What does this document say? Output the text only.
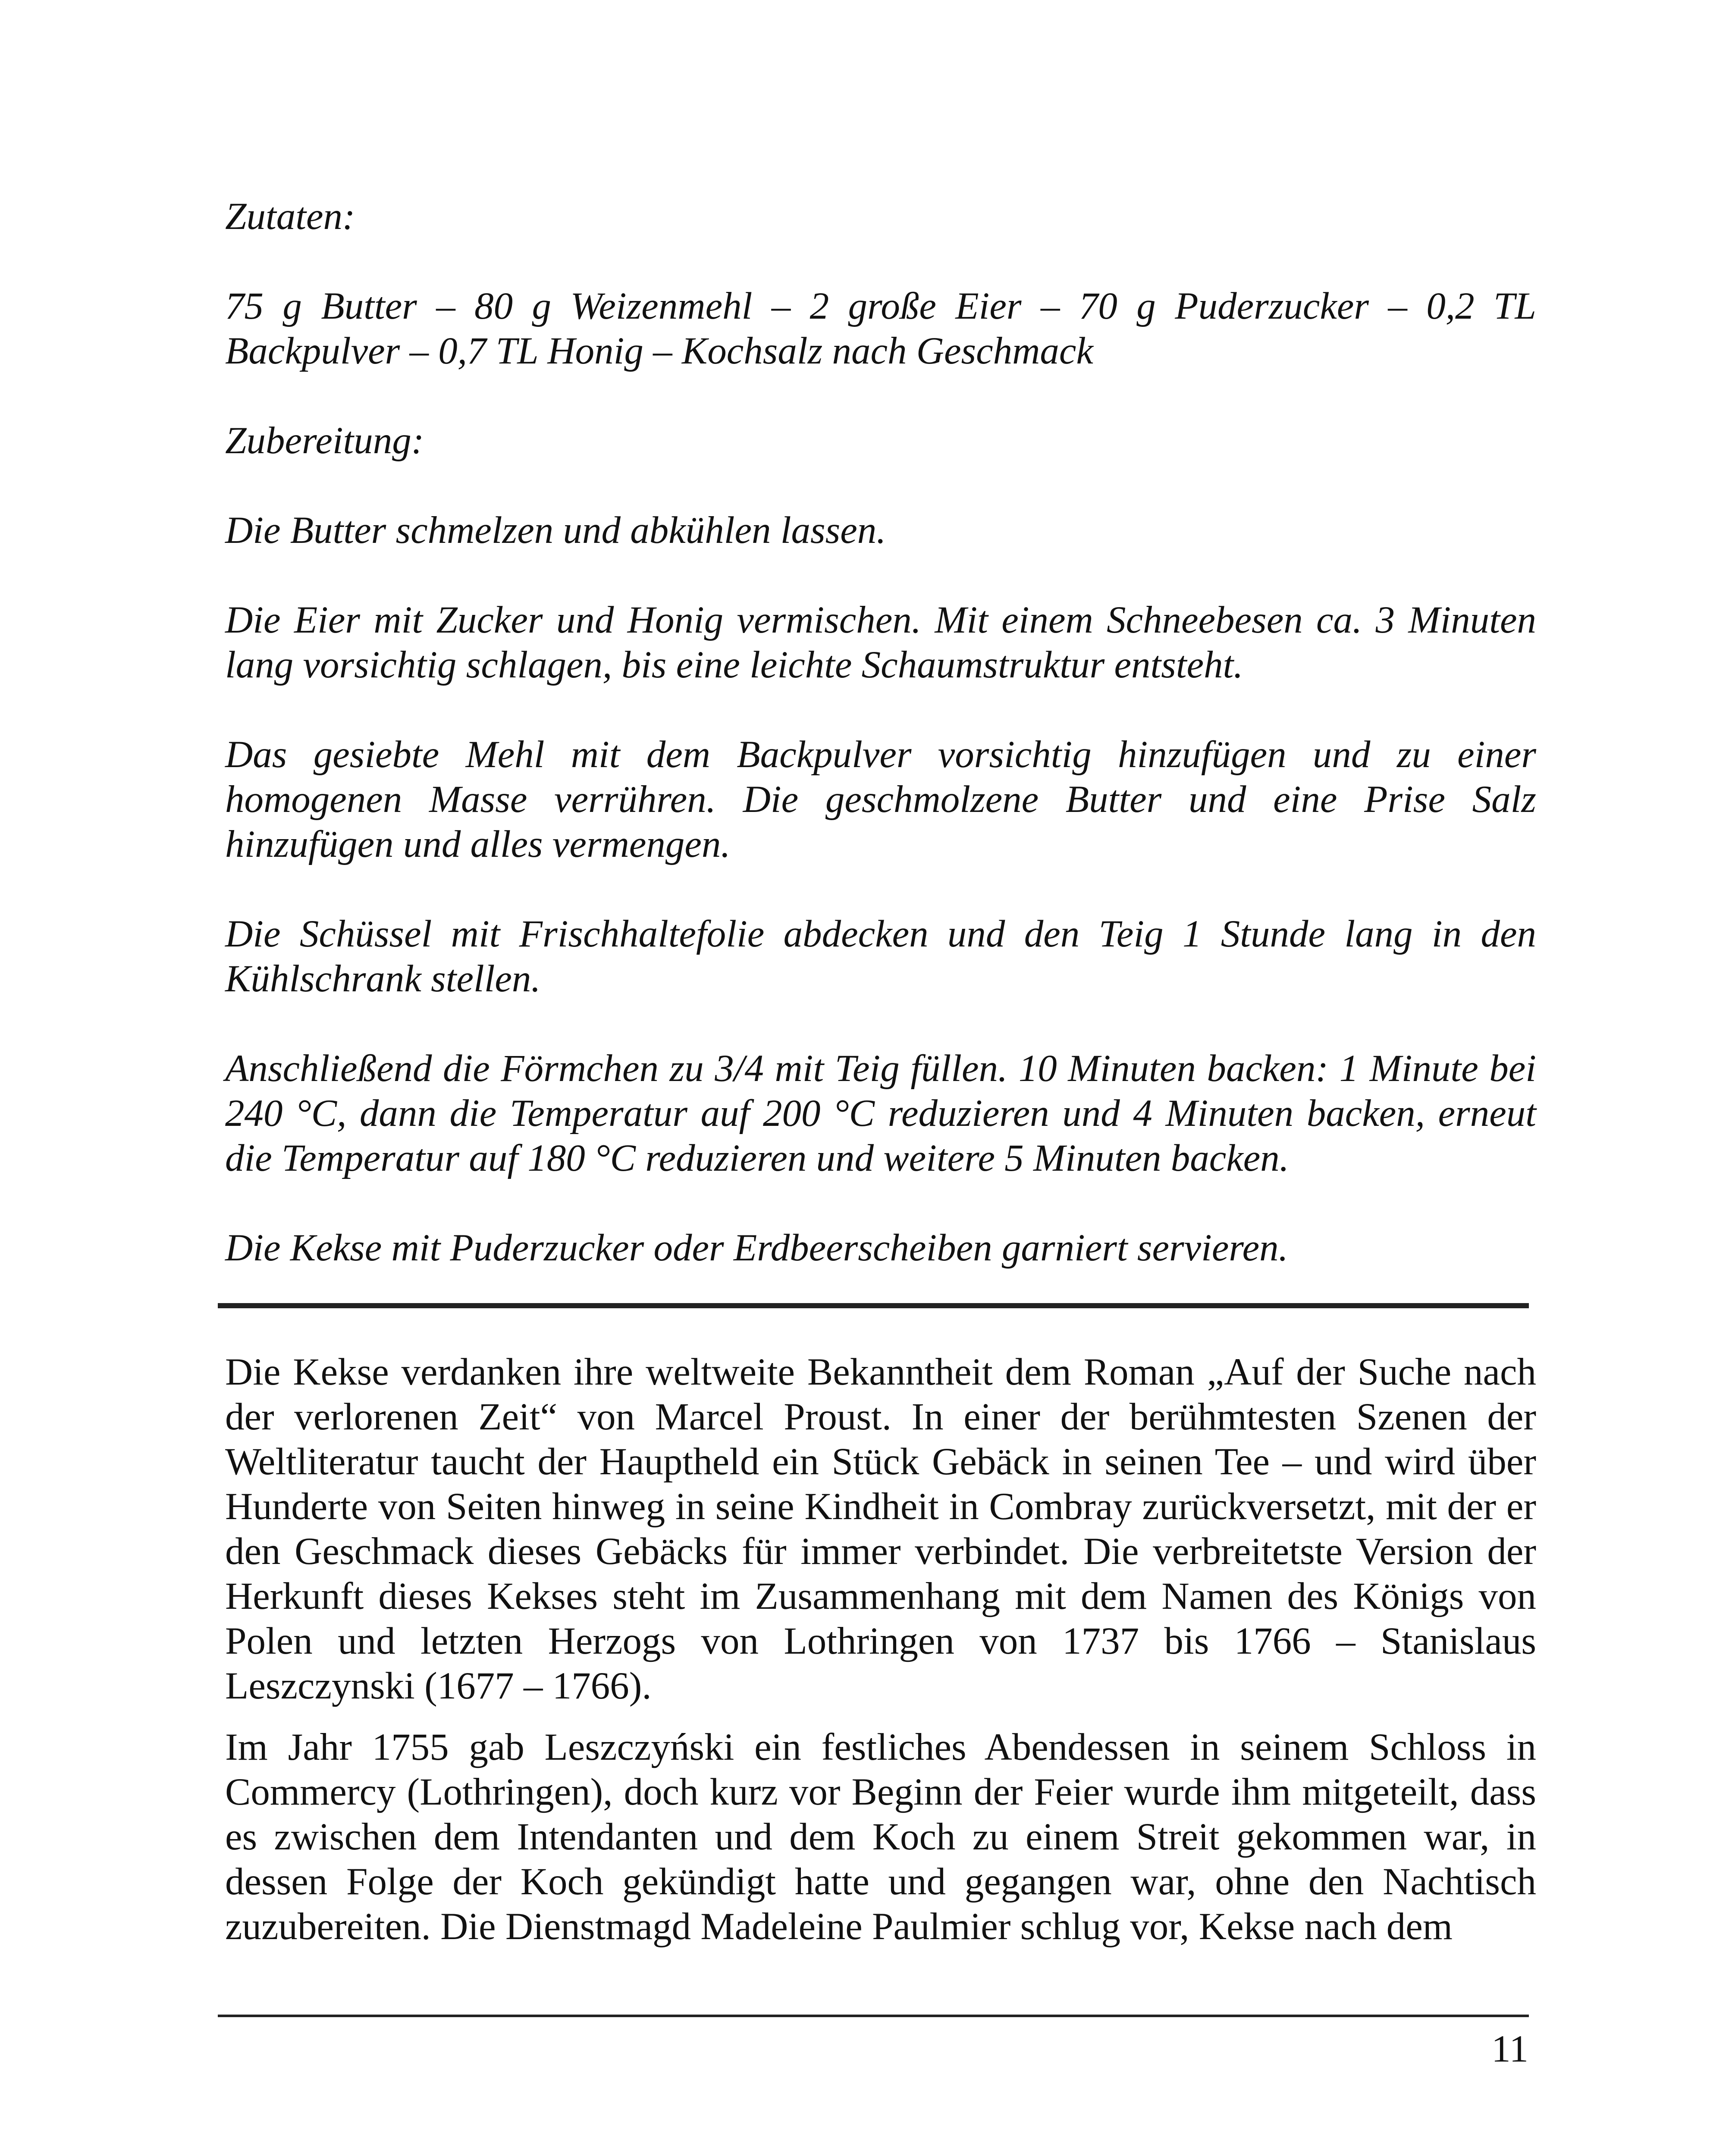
Zutaten:

75 g Butter – 80 g Weizenmehl – 2 große Eier – 70 g Puderzucker – 0,2 TL Backpulver – 0,7 TL Honig – Kochsalz nach Geschmack

Zubereitung:

Die Butter schmelzen und abkühlen lassen.

Die Eier mit Zucker und Honig vermischen. Mit einem Schneebesen ca. 3 Minuten lang vorsichtig schlagen, bis eine leichte Schaumstruktur entsteht.

Das gesiebte Mehl mit dem Backpulver vorsichtig hinzufügen und zu einer homogenen Masse verrühren. Die geschmolzene Butter und eine Prise Salz hinzufügen und alles vermengen.

Die Schüssel mit Frischhaltefolie abdecken und den Teig 1 Stunde lang in den Kühlschrank stellen.

Anschließend die Förmchen zu 3/4 mit Teig füllen. 10 Minuten backen: 1 Minute bei 240 °C, dann die Temperatur auf 200 °C reduzieren und 4 Minuten backen, erneut die Temperatur auf 180 °C reduzieren und weitere 5 Minuten backen.

Die Kekse mit Puderzucker oder Erdbeerscheiben garniert servieren.

Die Kekse verdanken ihre weltweite Bekanntheit dem Roman „Auf der Suche nach der verlorenen Zeit“ von Marcel Proust. In einer der berühmtesten Szenen der Weltliteratur taucht der Hauptheld ein Stück Gebäck in seinen Tee – und wird über Hunderte von Seiten hinweg in seine Kindheit in Combray zurückversetzt, mit der er den Geschmack dieses Gebäcks für immer verbindet. Die verbreitetste Version der Herkunft dieses Kekses steht im Zusammenhang mit dem Namen des Königs von Polen und letzten Herzogs von Lothringen von 1737 bis 1766 – Stanislaus Leszczynski (1677 – 1766).

Im Jahr 1755 gab Leszczyński ein festliches Abendessen in seinem Schloss in Commercy (Lothringen), doch kurz vor Beginn der Feier wurde ihm mitgeteilt, dass es zwischen dem Intendanten und dem Koch zu einem Streit gekommen war, in dessen Folge der Koch gekündigt hatte und gegangen war, ohne den Nachtisch zuzubereiten. Die Dienstmagd Madeleine Paulmier schlug vor, Kekse nach dem

11
